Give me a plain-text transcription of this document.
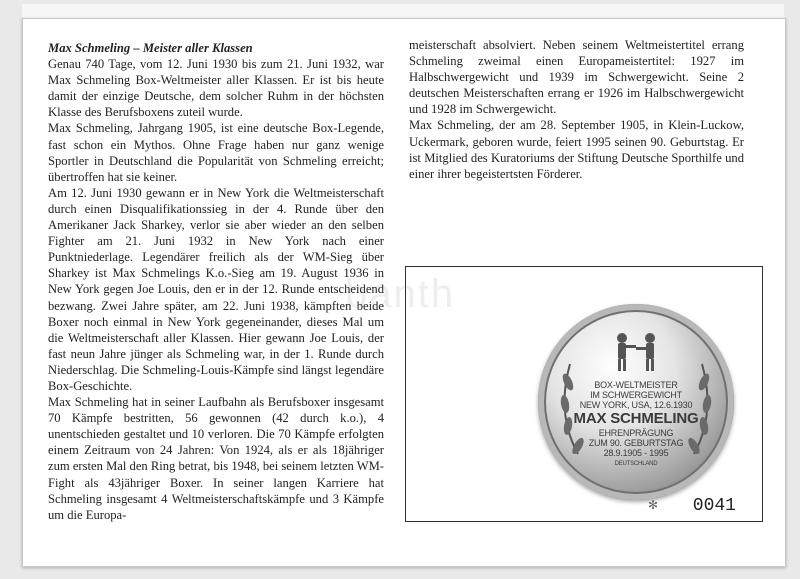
Max Schmeling – Meister aller Klassen

Genau 740 Tage, vom 12. Juni 1930 bis zum 21. Juni 1932, war Max Schmeling Box-Weltmeister aller Klassen. Er ist bis heute damit der einzige Deutsche, dem solcher Ruhm in der höchsten Klasse des Berufsboxens zuteil wurde.

Max Schmeling, Jahrgang 1905, ist eine deutsche Box-Legende, fast schon ein Mythos. Ohne Frage haben nur ganz wenige Sportler in Deutschland die Popularität von Schmeling erreicht; übertroffen hat sie keiner.

Am 12. Juni 1930 gewann er in New York die Weltmeisterschaft durch einen Disqualifikationssieg in der 4. Runde über den Amerikaner Jack Sharkey, verlor sie aber wieder an den selben Fighter am 21. Juni 1932 in New York nach einer Punktniederlage. Legendärer freilich als der WM-Sieg über Sharkey ist Max Schmelings K.o.-Sieg am 19. August 1936 in New York gegen Joe Louis, den er in der 12. Runde entscheidend bezwang. Zwei Jahre später, am 22. Juni 1938, kämpften beide Boxer noch einmal in New York gegeneinander, dieses Mal um die Weltmeisterschaft aller Klassen. Hier gewann Joe Louis, der fast neun Jahre jünger als Schmeling war, in der 1. Runde durch Niederschlag. Die Schmeling-Louis-Kämpfe sind längst legendäre Box-Geschichte.

Max Schmeling hat in seiner Laufbahn als Berufsboxer insgesamt 70 Kämpfe bestritten, 56 gewonnen (42 durch k.o.), 4 unentschieden gestaltet und 10 verloren. Die 70 Kämpfe erfolgten einem Zeitraum von 24 Jahren: Von 1924, als er als 18jähriger zum ersten Mal den Ring betrat, bis 1948, bei seinem letzten WM-Fight als 43jähriger Boxer. In seiner langen Karriere hat Schmeling insgesamt 4 Weltmeisterschaftskämpfe und 3 Kämpfe um die Europa-

meisterschaft absolviert. Neben seinem Weltmeistertitel errang Schmeling zweimal einen Europameistertitel: 1927 im Halbschwergewicht und 1939 im Schwergewicht. Seine 2 deutschen Meisterschaften errang er 1926 im Halbschwergewicht und 1928 im Schwergewicht.

Max Schmeling, der am 28. September 1905, in Klein-Luckow, Uckermark, geboren wurde, feiert 1995 seinen 90. Geburtstag. Er ist Mitglied des Kuratoriums der Stiftung Deutsche Sporthilfe und einer ihrer begeistertsten Förderer.

bаnth
BOX-WELTMEISTER
IM SCHWERGEWICHT
NEW YORK, USA, 12.6.1930
MAX SCHMELING
EHRENPRÄGUNG
ZUM 90. GEBURTSTAG
28.9.1905 - 1995
DEUTSCHLAND
✻	0041
